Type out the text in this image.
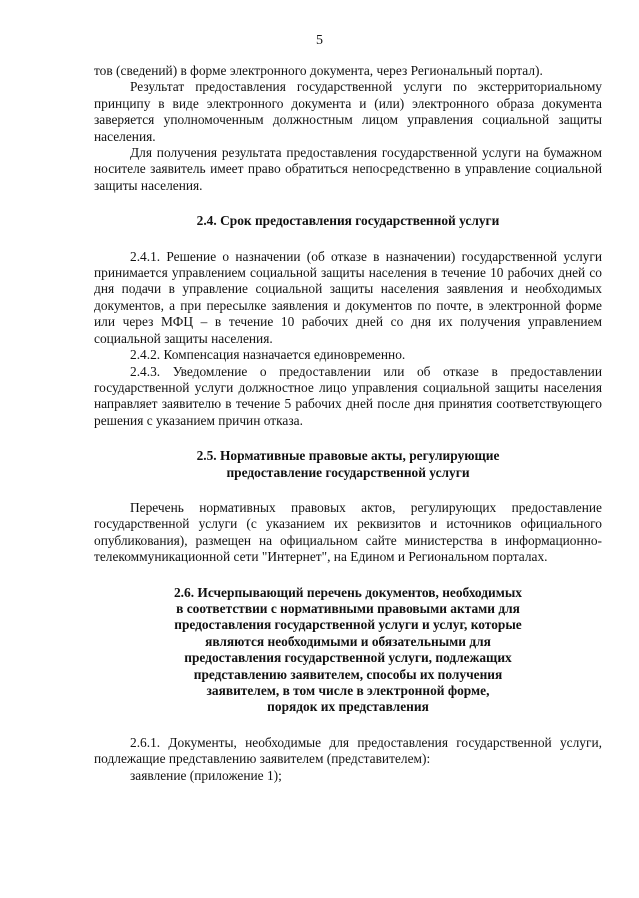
5

тов (сведений) в форме электронного документа, через Региональный портал).

Результат предоставления государственной услуги по экстерриториальному принципу в виде электронного документа и (или) электронного образа документа заверяется уполномоченным должностным лицом управления социальной защиты населения.

Для получения результата предоставления государственной услуги на бумажном носителе заявитель имеет право обратиться непосредственно в управление социальной защиты населения.

2.4. Срок предоставления государственной услуги

2.4.1. Решение о назначении (об отказе в назначении) государственной услуги принимается управлением социальной защиты населения в течение 10 рабочих дней со дня подачи в управление социальной защиты населения заявления и необходимых документов, а при пересылке заявления и документов по почте, в электронной форме или через МФЦ – в течение 10 рабочих дней со дня их получения управлением социальной защиты населения.

2.4.2. Компенсация назначается единовременно.

2.4.3. Уведомление о предоставлении или об отказе в предоставлении государственной услуги должностное лицо управления социальной защиты населения направляет заявителю в течение 5 рабочих дней после дня принятия соответствующего решения с указанием причин отказа.

2.5. Нормативные правовые акты, регулирующие
предоставление государственной услуги

Перечень нормативных правовых актов, регулирующих предоставление государственной услуги (с указанием их реквизитов и источников официального опубликования), размещен на официальном сайте министерства в информационно-телекоммуникационной сети "Интернет", на Едином и Региональном порталах.

2.6. Исчерпывающий перечень документов, необходимых
в соответствии с нормативными правовыми актами для
предоставления государственной услуги и услуг, которые
являются необходимыми и обязательными для
предоставления государственной услуги, подлежащих
представлению заявителем, способы их получения
заявителем, в том числе в электронной форме,
порядок их представления

2.6.1. Документы, необходимые для предоставления государственной услуги, подлежащие представлению заявителем (представителем):

заявление (приложение 1);
